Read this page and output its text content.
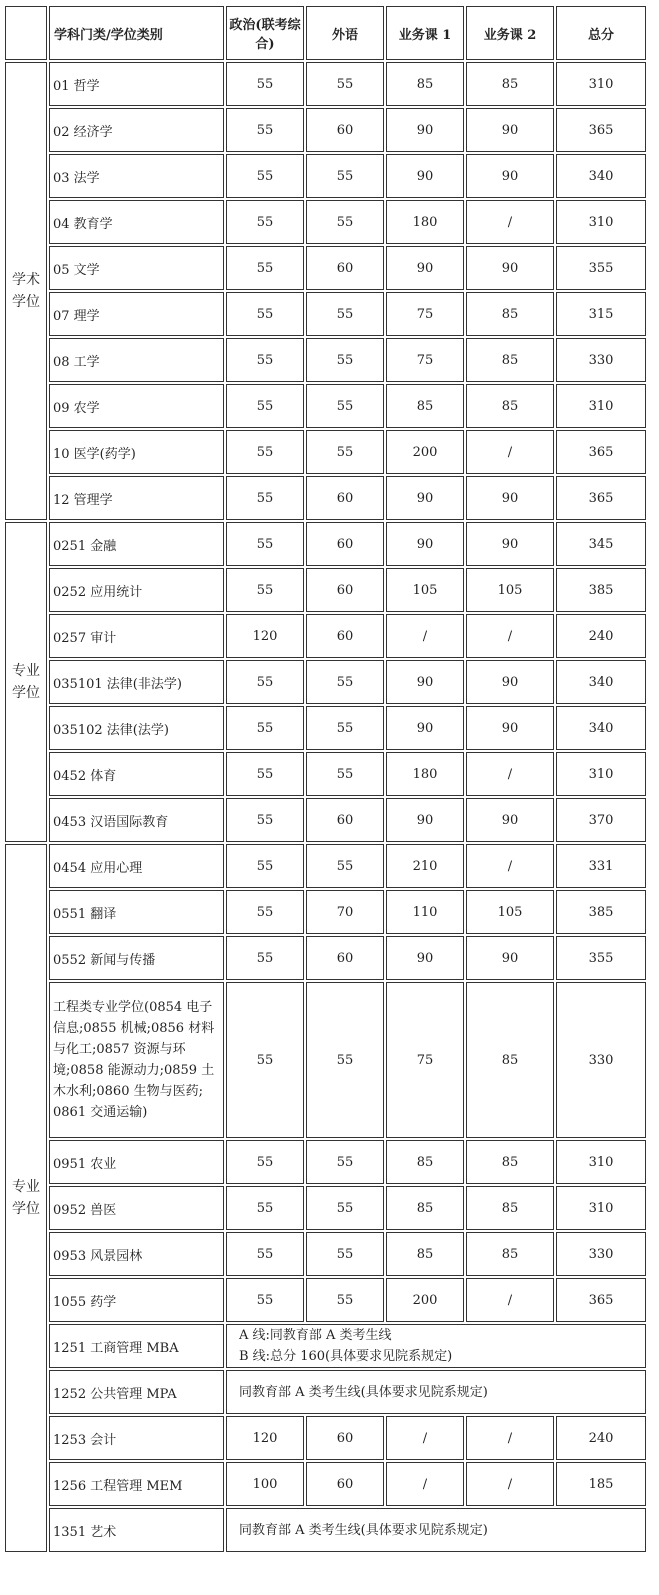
	学科门类/学位类别	政治(联考综合)	外语	业务课 1	业务课 2	总分

学术学位	01 哲学	55	55	85	85	310
	02 经济学	55	60	90	90	365
	03 法学	55	55	90	90	340
	04 教育学	55	55	180	/	310
	05 文学	55	60	90	90	355
	07 理学	55	55	75	85	315
	08 工学	55	55	75	85	330
	09 农学	55	55	85	85	310
	10 医学(药学)	55	55	200	/	365
	12 管理学	55	60	90	90	365

专业学位	0251 金融	55	60	90	90	345
	0252 应用统计	55	60	105	105	385
	0257 审计	120	60	/	/	240
	035101 法律(非法学)	55	55	90	90	340
	035102 法律(法学)	55	55	90	90	340
	0452 体育	55	55	180	/	310
	0453 汉语国际教育	55	60	90	90	370

专业学位	0454 应用心理	55	55	210	/	331
	0551 翻译	55	70	110	105	385
	0552 新闻与传播	55	60	90	90	355
	工程类专业学位(0854 电子信息;0855 机械;0856 材料与化工;0857 资源与环境;0858 能源动力;0859 土木水利;0860 生物与医药; 0861 交通运输)	55	55	75	85	330
	0951 农业	55	55	85	85	310
	0952 兽医	55	55	85	85	310
	0953 风景园林	55	55	85	85	330
	1055 药学	55	55	200	/	365
	1251 工商管理 MBA	A 线:同教育部 A 类考生线
B 线:总分 160(具体要求见院系规定)				

	1252 公共管理 MPA	同教育部 A 类考生线(具体要求见院系规定)				
	1253 会计	120	60	/	/	240
	1256 工程管理 MEM	100	60	/	/	185
	1351 艺术	同教育部 A 类考生线(具体要求见院系规定)				
